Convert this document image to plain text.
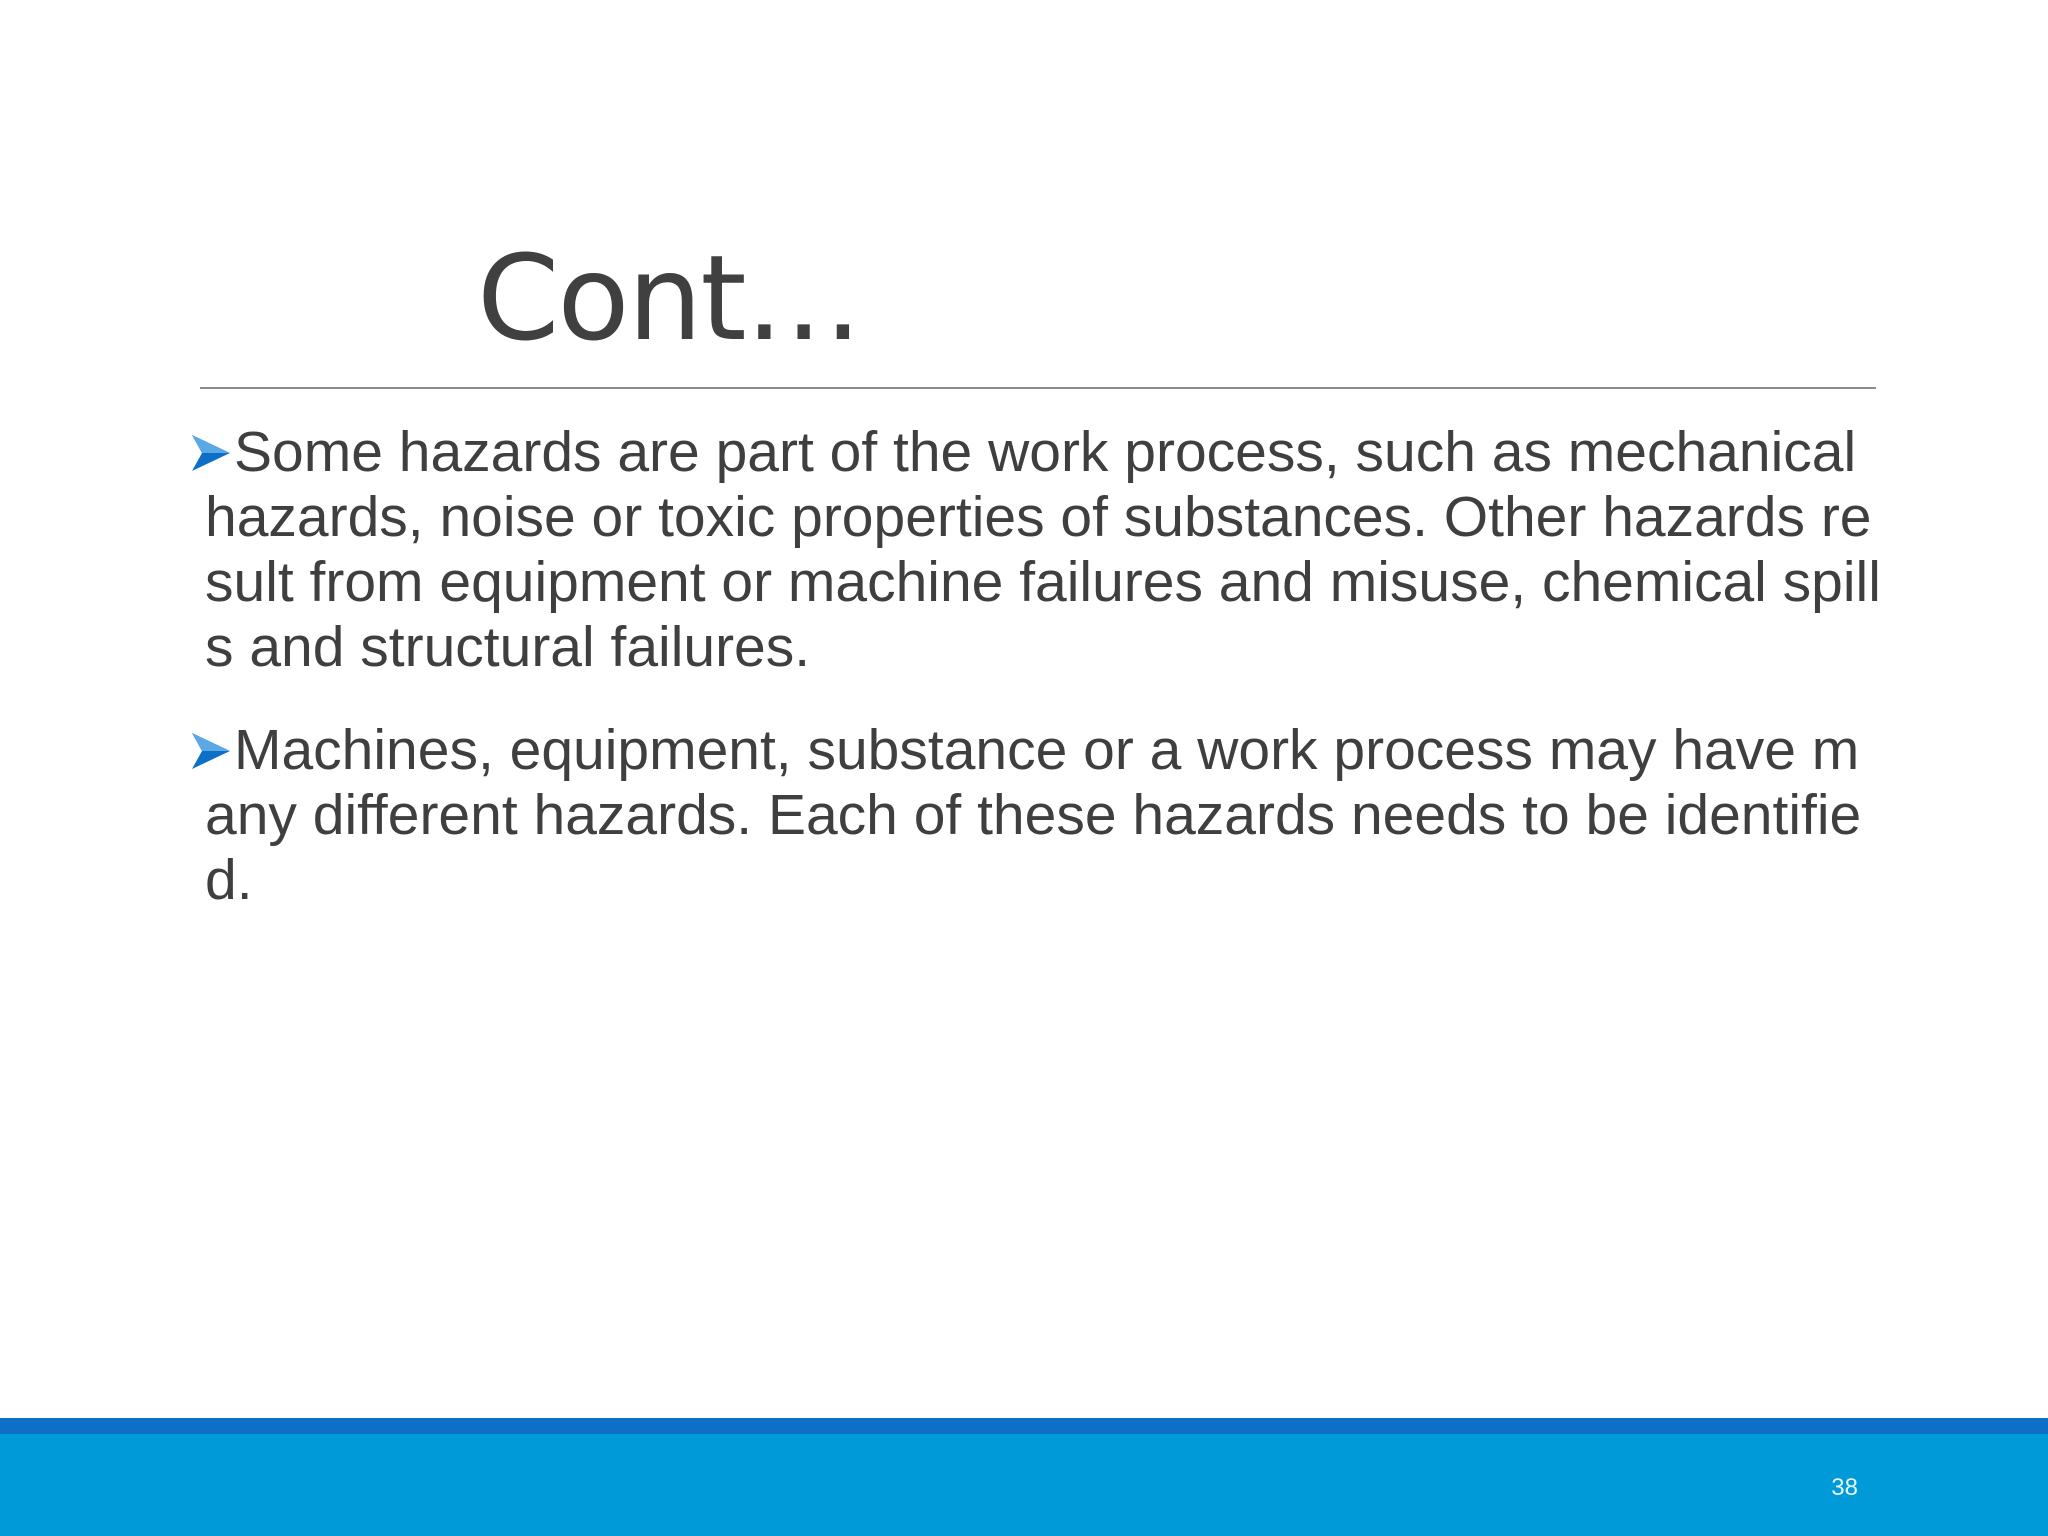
Cont…
Some hazards are part of the work process, such as mechanical hazards, noise or toxic properties of substances. Other hazards result from equipment or machine failures and misuse, chemical spills and structural failures.
Machines, equipment, substance or a work process may have many different hazards. Each of these hazards needs to be identified.
38
